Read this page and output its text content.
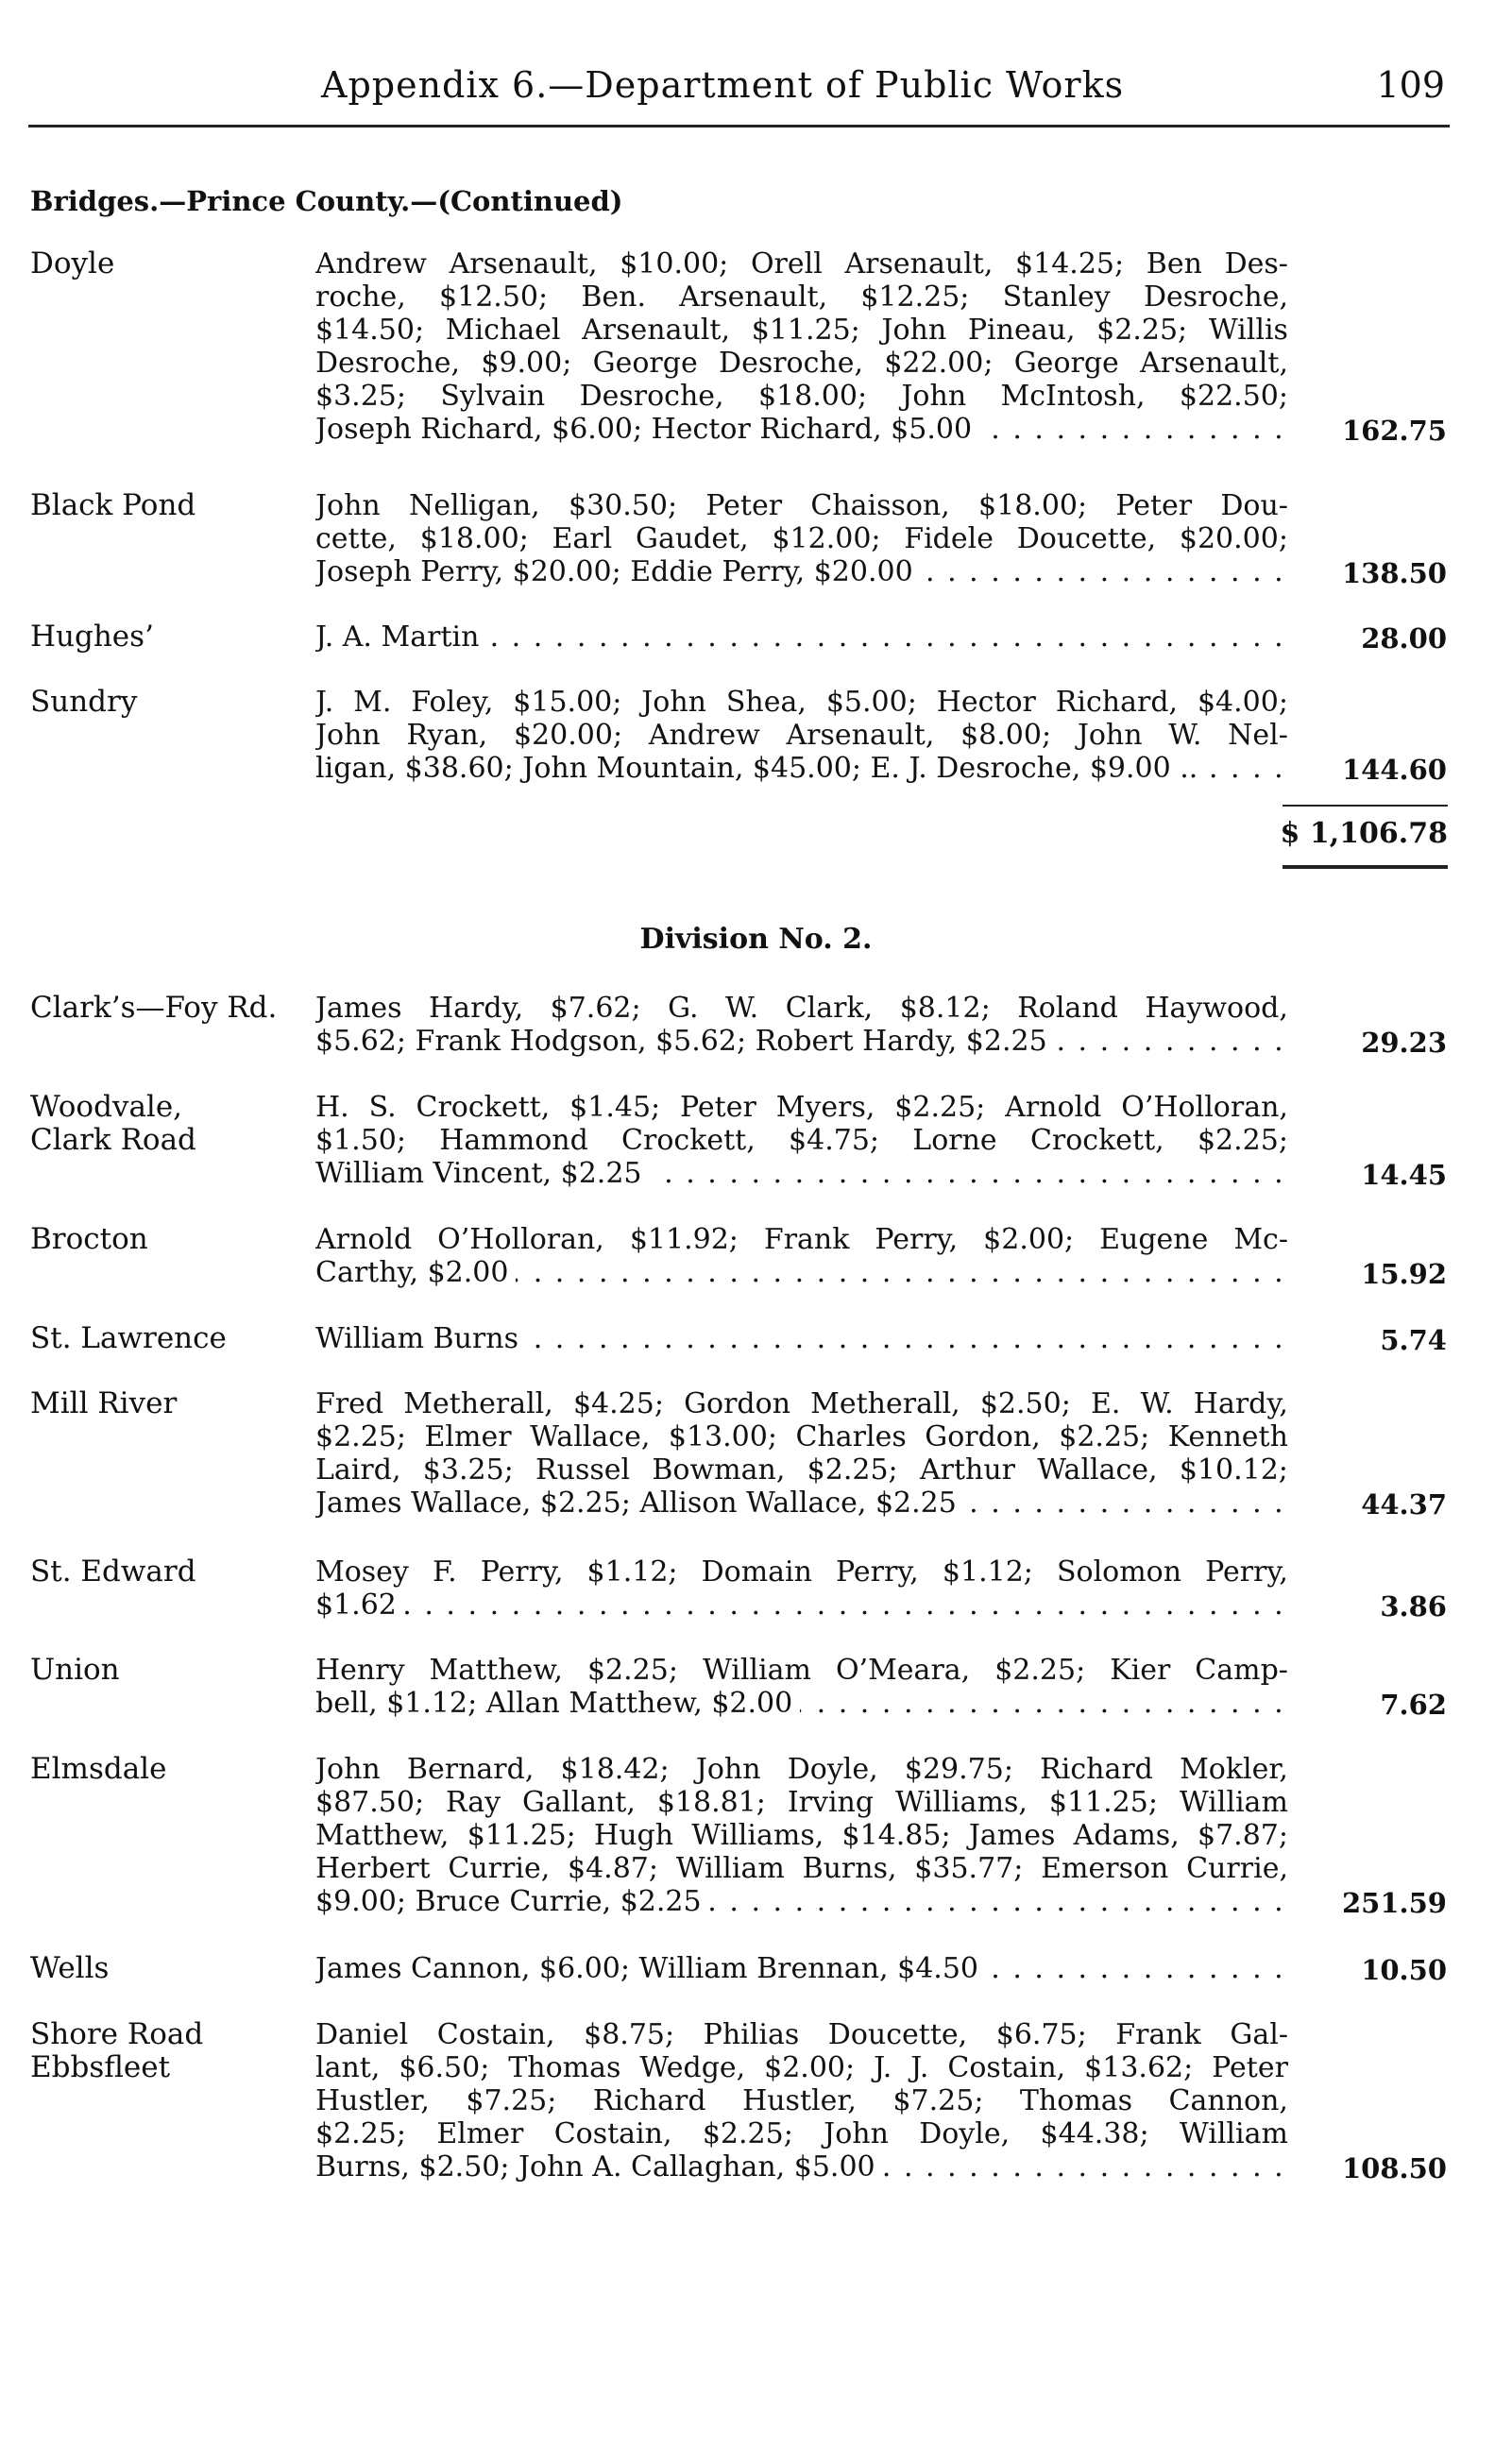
Appendix 6.—Department of Public Works	109
Bridges.—Prince County.—(Continued)
Doyle	Andrew Arsenault, $10.00; Orell Arsenault, $14.25; Ben Des-
roche, $12.50; Ben. Arsenault, $12.25; Stanley Desroche,
$14.50; Michael Arsenault, $11.25; John Pineau, $2.25; Willis
Desroche, $9.00; George Desroche, $22.00; George Arsenault,
$3.25; Sylvain Desroche, $18.00; John McIntosh, $22.50;
Joseph Richard, $6.00; Hector Richard, $5.00 . . .	162.75
Black Pond	John Nelligan, $30.50; Peter Chaisson, $18.00; Peter Dou-
cette, $18.00; Earl Gaudet, $12.00; Fidele Doucette, $20.00;
Joseph Perry, $20.00; Eddie Perry, $20.00 . . .	138.50
Hughes’	J. A. Martin . . .	28.00
Sundry	J. M. Foley, $15.00; John Shea, $5.00; Hector Richard, $4.00;
John Ryan, $20.00; Andrew Arsenault, $8.00; John W. Nel-
ligan, $38.60; John Mountain, $45.00; E. J. Desroche, $9.00 .. . . .	144.60
$ 1,106.78
Division No. 2.
Clark’s—Foy Rd.	James Hardy, $7.62; G. W. Clark, $8.12; Roland Haywood,
$5.62; Frank Hodgson, $5.62; Robert Hardy, $2.25 . . .	29.23
Woodvale,
Clark Road
H. S. Crockett, $1.45; Peter Myers, $2.25; Arnold O’Holloran,
$1.50; Hammond Crockett, $4.75; Lorne Crockett, $2.25;
William Vincent, $2.25 . . .	14.45
Brocton	Arnold O’Holloran, $11.92; Frank Perry, $2.00; Eugene Mc-
Carthy, $2.00 . . .	15.92
St. Lawrence	William Burns . . .	5.74
Mill River	Fred Metherall, $4.25; Gordon Metherall, $2.50; E. W. Hardy,
$2.25; Elmer Wallace, $13.00; Charles Gordon, $2.25; Kenneth
Laird, $3.25; Russel Bowman, $2.25; Arthur Wallace, $10.12;
James Wallace, $2.25; Allison Wallace, $2.25 . . .	44.37
St. Edward	Mosey F. Perry, $1.12; Domain Perry, $1.12; Solomon Perry,
$1.62 . . .	3.86
Union	Henry Matthew, $2.25; William O’Meara, $2.25; Kier Camp-
bell, $1.12; Allan Matthew, $2.00 . . .	7.62
Elmsdale	John Bernard, $18.42; John Doyle, $29.75; Richard Mokler,
$87.50; Ray Gallant, $18.81; Irving Williams, $11.25; William
Matthew, $11.25; Hugh Williams, $14.85; James Adams, $7.87;
Herbert Currie, $4.87; William Burns, $35.77; Emerson Currie,
$9.00; Bruce Currie, $2.25 . . .	251.59
Wells	James Cannon, $6.00; William Brennan, $4.50 . . .	10.50
Shore Road
Ebbsfleet
Daniel Costain, $8.75; Philias Doucette, $6.75; Frank Gal-
lant, $6.50; Thomas Wedge, $2.00; J. J. Costain, $13.62; Peter
Hustler, $7.25; Richard Hustler, $7.25; Thomas Cannon,
$2.25; Elmer Costain, $2.25; John Doyle, $44.38; William
Burns, $2.50; John A. Callaghan, $5.00 . . .	108.50
